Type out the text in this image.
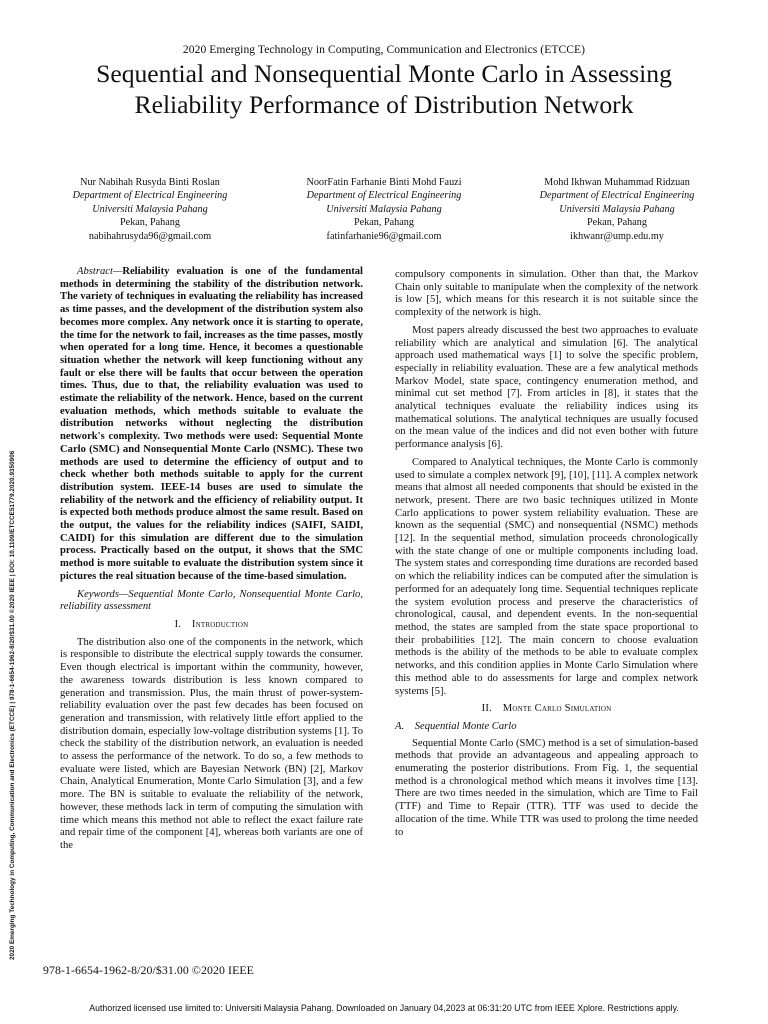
2020 Emerging Technology in Computing, Communication and Electronics (ETCCE)
Sequential and Nonsequential Monte Carlo in Assessing Reliability Performance of Distribution Network
Nur Nabihah Rusyda Binti Roslan
Department of Electrical Engineering
Universiti Malaysia Pahang
Pekan, Pahang
nabihahrusyda96@gmail.com
NoorFatin Farhanie Binti Mohd Fauzi
Department of Electrical Engineering
Universiti Malaysia Pahang
Pekan, Pahang
fatinfarhanie96@gmail.com
Mohd Ikhwan Muhammad Ridzuan
Department of Electrical Engineering
Universiti Malaysia Pahang
Pekan, Pahang
ikhwanr@ump.edu.my
2020 Emerging Technology in Computing, Communication and Electronics (ETCCE) | 978-1-6654-1962-8/20/$31.00 ©2020 IEEE | DOI: 10.1109/ETCCE51779.2020.9350906

Abstract—Reliability evaluation is one of the fundamental methods in determining the stability of the distribution network. The variety of techniques in evaluating the reliability has increased as time passes, and the development of the distribution system also becomes more complex. Any network once it is starting to operate, the time for the network to fail, increases as the time passes, mostly when operated for a long time. Hence, it becomes a questionable situation whether the network will keep functioning without any fault or else there will be faults that occur between the operation times. Thus, due to that, the reliability evaluation was used to estimate the reliability of the network. Hence, based on the current evaluation methods, which methods suitable to evaluate the distribution networks without neglecting the distribution network's complexity. Two methods were used: Sequential Monte Carlo (SMC) and Nonsequential Monte Carlo (NSMC). These two methods are used to determine the efficiency of output and to check whether both methods suitable to apply for the current distribution system. IEEE-14 buses are used to simulate the reliability of the network and the efficiency of reliability output. It is expected both methods produce almost the same result. Based on the output, the values for the reliability indices (SAIFI, SAIDI, CAIDI) for this simulation are different due to the simulation process. Practically based on the output, it shows that the SMC method is more suitable to evaluate the distribution system since it pictures the real situation because of the time-based simulation.

Keywords—Sequential Monte Carlo, Nonsequential Monte Carlo, reliability assessment

I. Introduction

The distribution also one of the components in the network, which is responsible to distribute the electrical supply towards the consumer. Even though electrical is important within the community, however, the awareness towards distribution is less known compared to generation and transmission. Plus, the main thrust of power-system-reliability evaluation over the past few decades has been focused on generation and transmission, with relatively little effort applied to the distribution domain, especially low-voltage distribution systems [1]. To check the stability of the distribution network, an evaluation is needed to assess the performance of the network. To do so, a few methods to evaluate were listed, which are Bayesian Network (BN) [2], Markov Chain, Analytical Enumeration, Monte Carlo Simulation [3], and a few more. The BN is suitable to evaluate the reliability of the network, however, these methods lack in term of computing the simulation with time which means this method not able to reflect the exact failure rate and repair time of the component [4], whereas both variants are one of the

compulsory components in simulation. Other than that, the Markov Chain only suitable to manipulate when the complexity of the network is low [5], which means for this research it is not suitable since the complexity of the network is high.

Most papers already discussed the best two approaches to evaluate reliability which are analytical and simulation [6]. The analytical approach used mathematical ways [1] to solve the specific problem, especially in reliability evaluation. These are a few analytical methods Markov Model, state space, contingency enumeration method, and minimal cut set method [7]. From articles in [8], it states that the analytical techniques evaluate the reliability indices using its mathematical solutions. The analytical techniques are usually focused on the mean value of the indices and did not even bother with future performance analysis [6].

Compared to Analytical techniques, the Monte Carlo is commonly used to simulate a complex network [9], [10], [11]. A complex network means that almost all needed components that should be existed in the network, present. There are two basic techniques utilized in Monte Carlo applications to power system reliability evaluation. These are known as the sequential (SMC) and nonsequential (NSMC) methods [12]. In the sequential method, simulation proceeds chronologically with the state change of one or multiple components including load. The system states and corresponding time durations are recorded based on which the reliability indices can be computed after the simulation is performed for an adequately long time. Sequential techniques replicate the system evolution process and preserve the characteristics of chronological, causal, and dependent events. In the non-sequential method, the states are sampled from the state space proportional to their probabilities [12]. The main concern to choose evaluation methods is the ability of the methods to be able to evaluate complex networks, and this condition applies in Monte Carlo Simulation where this method able to do assessments for large and complex network systems [5].

II. Monte Carlo Simulation
A. Sequential Monte Carlo

Sequential Monte Carlo (SMC) method is a set of simulation-based methods that provide an advantageous and appealing approach to enumerating the posterior distributions. From Fig. 1, the sequential method is a chronological method which means it involves time [13]. There are two times needed in the simulation, which are Time to Fail (TTF) and Time to Repair (TTR). TTF was used to decide the allocation of the time. While TTR was used to prolong the time needed to

978-1-6654-1962-8/20/$31.00 ©2020 IEEE
Authorized licensed use limited to: Universiti Malaysia Pahang. Downloaded on January 04,2023 at 06:31:20 UTC from IEEE Xplore. Restrictions apply.
